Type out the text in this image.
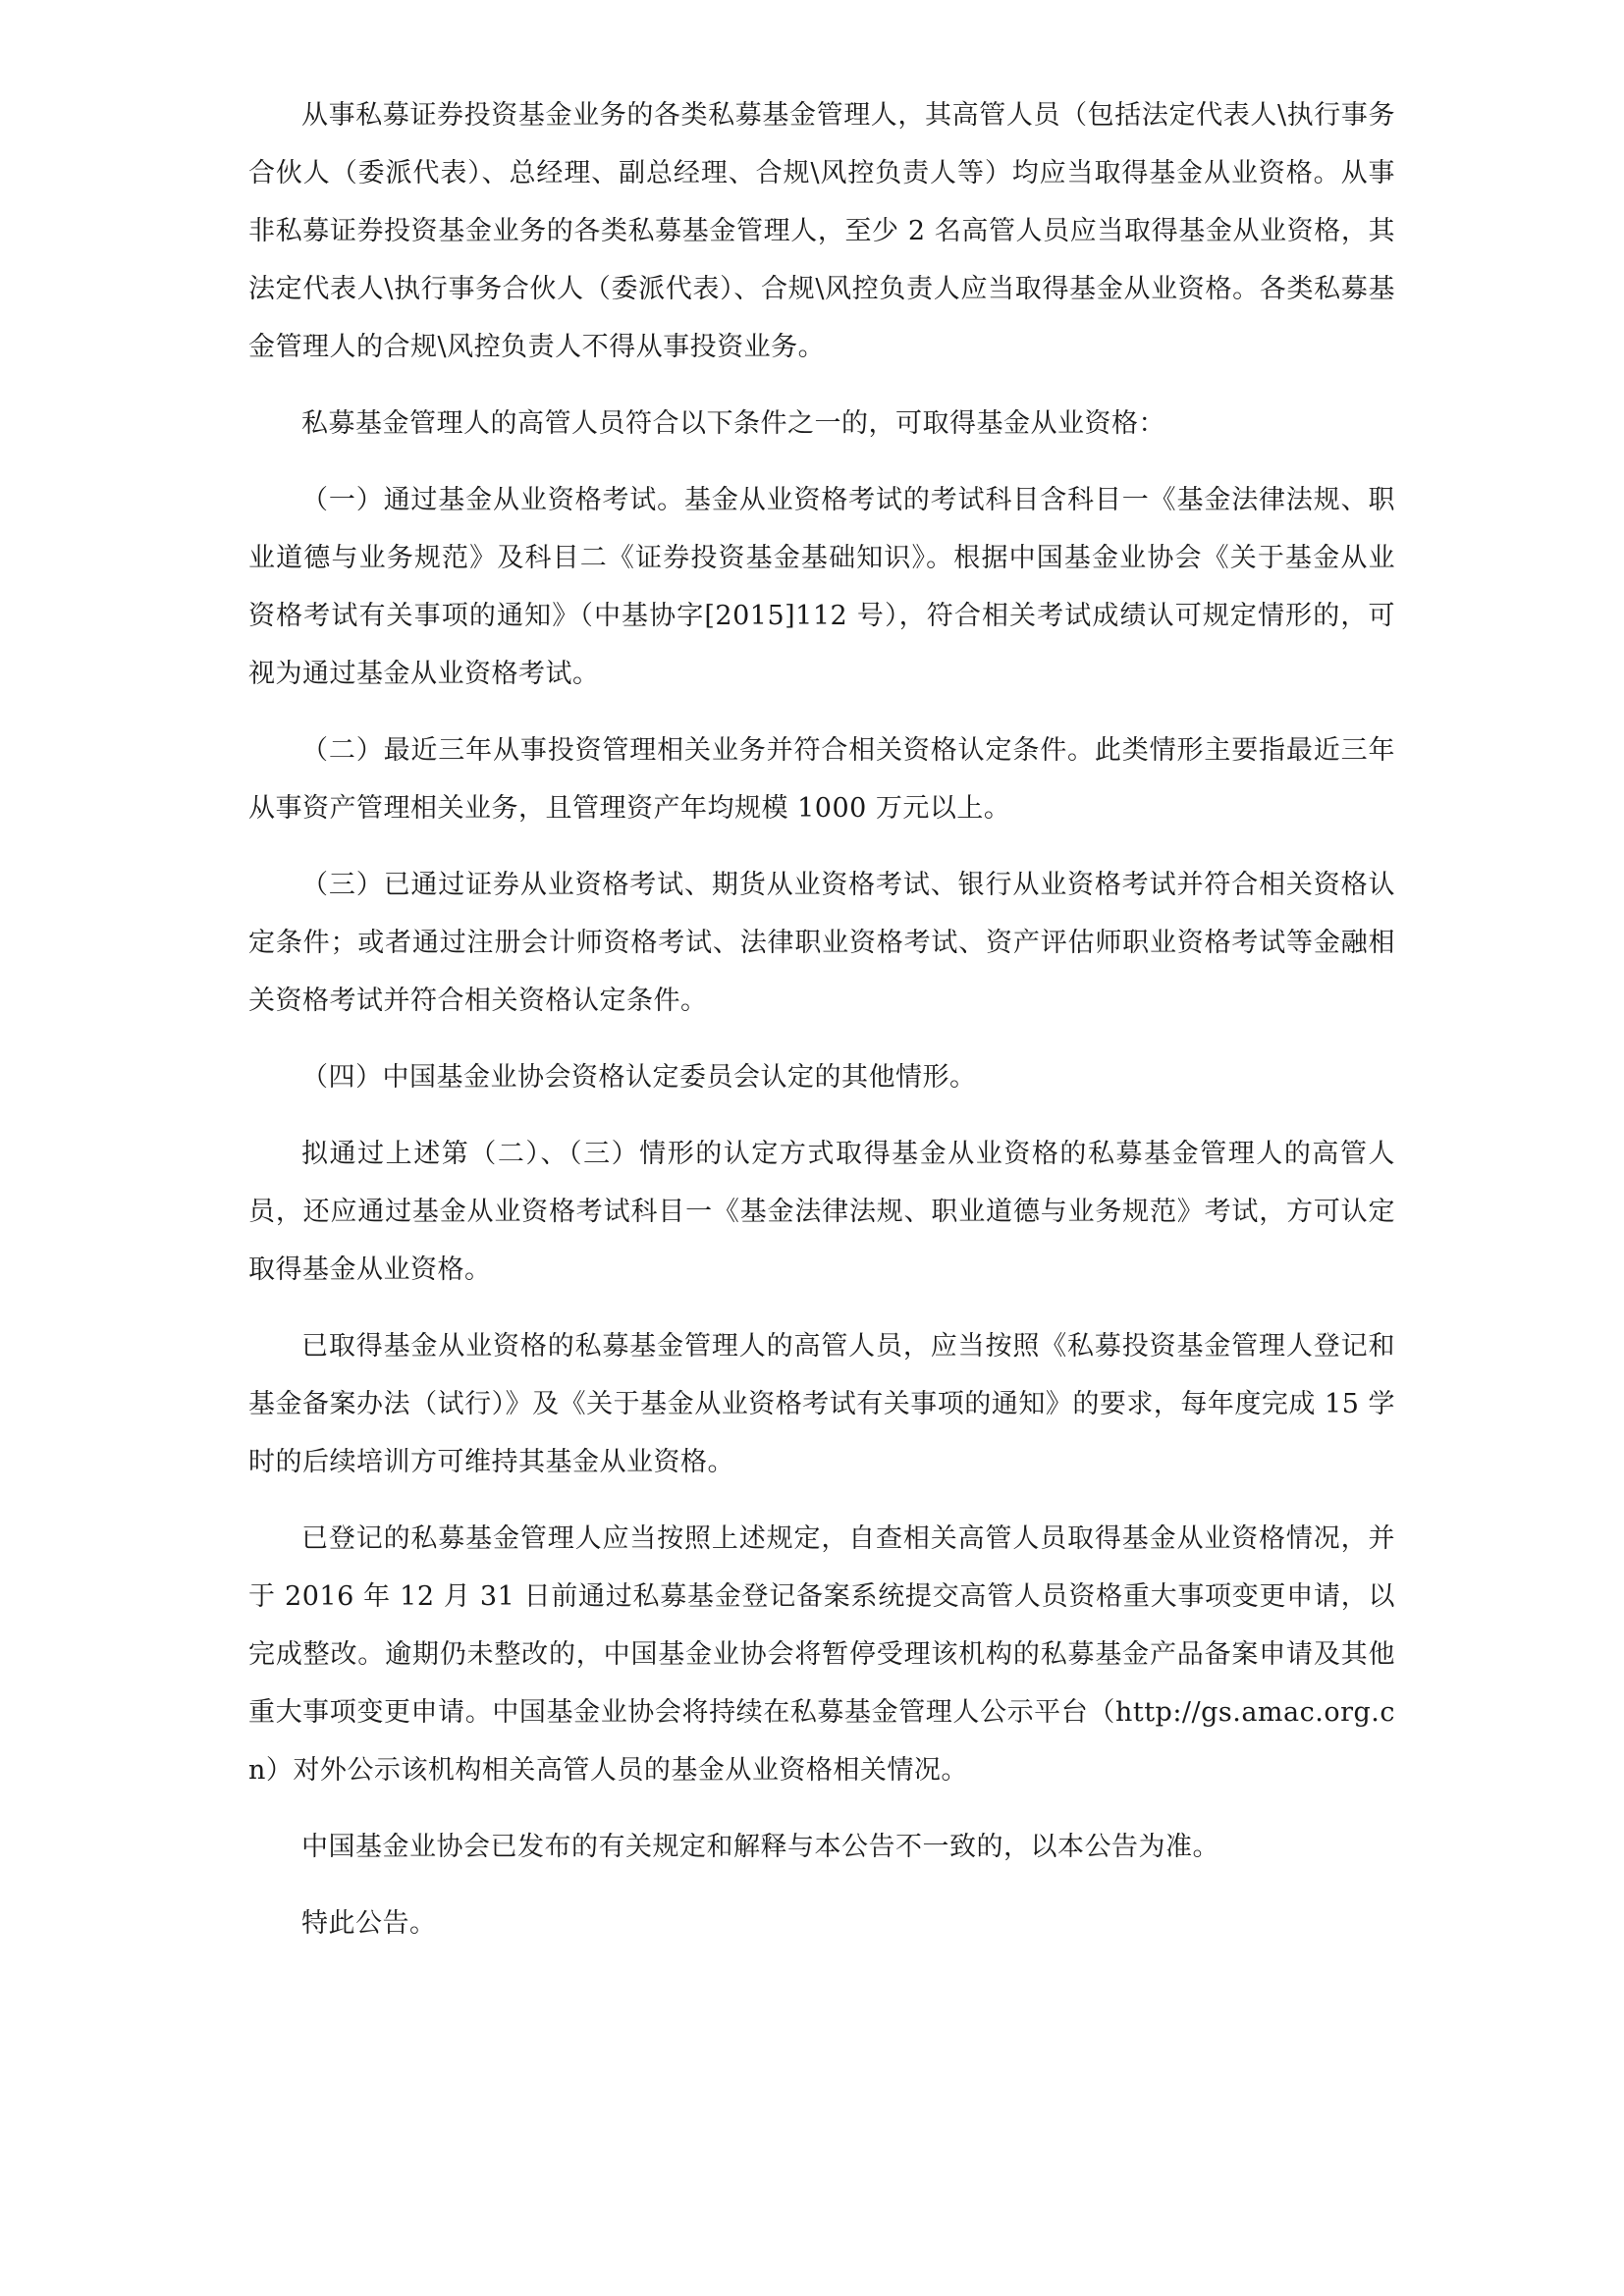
从事私募证券投资基金业务的各类私募基金管理人，其高管人员（包括法定代表人\执行事务合伙人（委派代表）、总经理、副总经理、合规\风控负责人等）均应当取得基金从业资格。从事非私募证券投资基金业务的各类私募基金管理人，至少 2 名高管人员应当取得基金从业资格，其法定代表人\执行事务合伙人（委派代表）、合规\风控负责人应当取得基金从业资格。各类私募基金管理人的合规\风控负责人不得从事投资业务。

私募基金管理人的高管人员符合以下条件之一的，可取得基金从业资格：

（一）通过基金从业资格考试。基金从业资格考试的考试科目含科目一《基金法律法规、职业道德与业务规范》及科目二《证券投资基金基础知识》。根据中国基金业协会《关于基金从业资格考试有关事项的通知》（中基协字[2015]112 号），符合相关考试成绩认可规定情形的，可视为通过基金从业资格考试。

（二）最近三年从事投资管理相关业务并符合相关资格认定条件。此类情形主要指最近三年从事资产管理相关业务，且管理资产年均规模 1000 万元以上。

（三）已通过证券从业资格考试、期货从业资格考试、银行从业资格考试并符合相关资格认定条件；或者通过注册会计师资格考试、法律职业资格考试、资产评估师职业资格考试等金融相关资格考试并符合相关资格认定条件。

（四）中国基金业协会资格认定委员会认定的其他情形。

拟通过上述第（二）、（三）情形的认定方式取得基金从业资格的私募基金管理人的高管人员，还应通过基金从业资格考试科目一《基金法律法规、职业道德与业务规范》考试，方可认定取得基金从业资格。

已取得基金从业资格的私募基金管理人的高管人员，应当按照《私募投资基金管理人登记和基金备案办法（试行）》及《关于基金从业资格考试有关事项的通知》的要求，每年度完成 15 学时的后续培训方可维持其基金从业资格。

已登记的私募基金管理人应当按照上述规定，自查相关高管人员取得基金从业资格情况，并于 2016 年 12 月 31 日前通过私募基金登记备案系统提交高管人员资格重大事项变更申请，以完成整改。逾期仍未整改的，中国基金业协会将暂停受理该机构的私募基金产品备案申请及其他重大事项变更申请。中国基金业协会将持续在私募基金管理人公示平台（http://gs.amac.org.cn）对外公示该机构相关高管人员的基金从业资格相关情况。

中国基金业协会已发布的有关规定和解释与本公告不一致的，以本公告为准。

特此公告。
